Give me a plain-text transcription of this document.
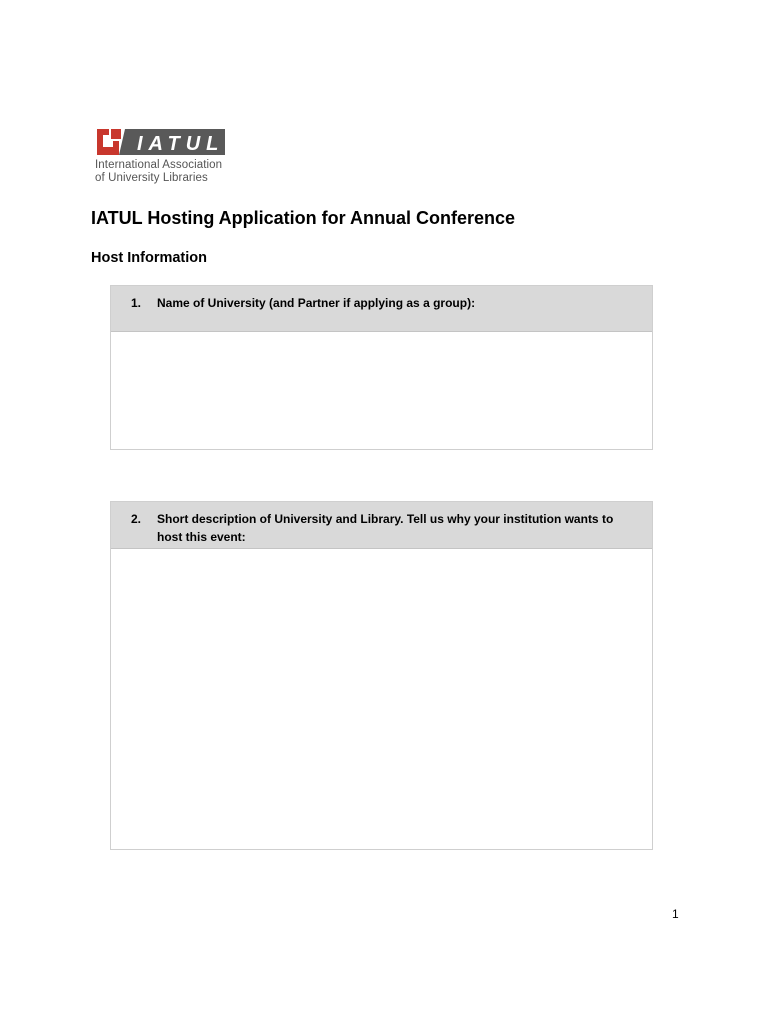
IATUL
International Association
of University Libraries
IATUL Hosting Application for Annual Conference
Host Information
1.	Name of University (and Partner if applying as a group):
2.	Short description of University and Library. Tell us why your institution wants to host this event:
1
